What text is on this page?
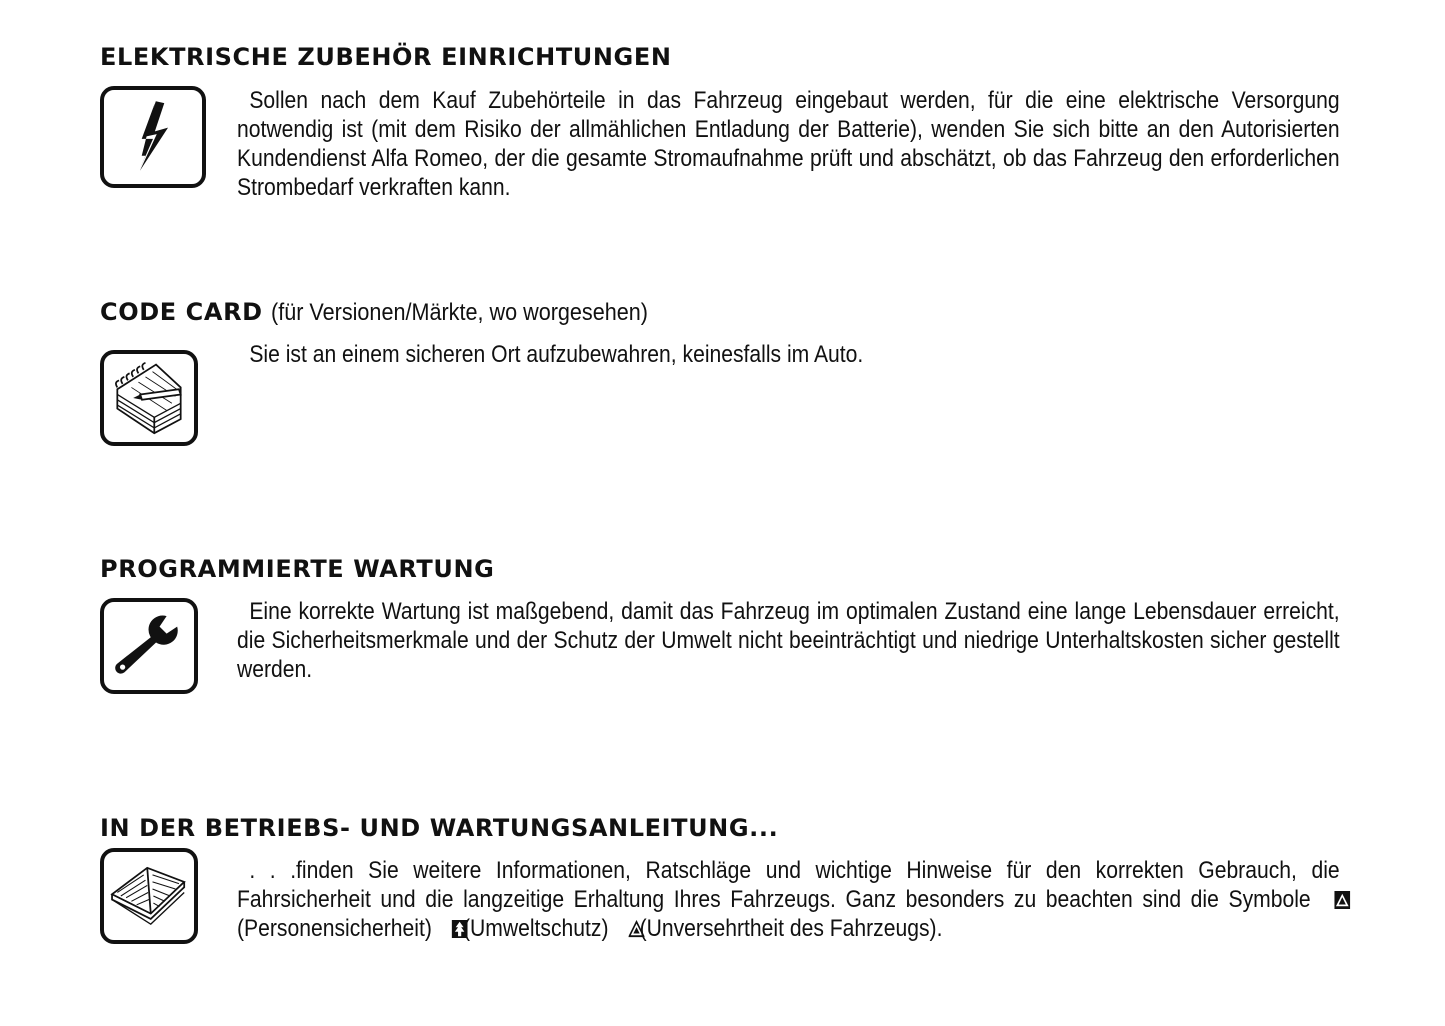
ELEKTRISCHE ZUBEHÖR EINRICHTUNGEN

Sollen nach dem Kauf Zubehörteile in das Fahrzeug eingebaut werden, für die eine elektrische Versorgung notwendig ist (mit dem Risiko der allmählichen Entladung der Batterie), wenden Sie sich bitte an den Autorisierten Kundendienst Alfa Romeo, der die gesamte Stromaufnahme prüft und abschätzt, ob das Fahrzeug den erforderlichen Strombedarf verkraften kann.

CODE CARD (für Versionen/Märkte, wo worgesehen)

Sie ist an einem sicheren Ort aufzubewahren, keinesfalls im Auto.

PROGRAMMIERTE WARTUNG

Eine korrekte Wartung ist maßgebend, damit das Fahrzeug im optimalen Zustand eine lange Lebensdauer erreicht, die Sicherheitsmerkmale und der Schutz der Umwelt nicht beeinträchtigt und niedrige Unterhaltskosten sicher gestellt werden.

IN DER BETRIEBS- UND WARTUNGSANLEITUNG...

. . .finden Sie weitere Informationen, Ratschläge und wichtige Hinweise für den korrekten Gebrauch, die Fahrsicherheit und die langzeitige Erhaltung Ihres Fahrzeugs. Ganz besonders zu beachten sind die Symbole  (Personensicherheit) (Umweltschutz) (Unversehrtheit des Fahrzeugs).
